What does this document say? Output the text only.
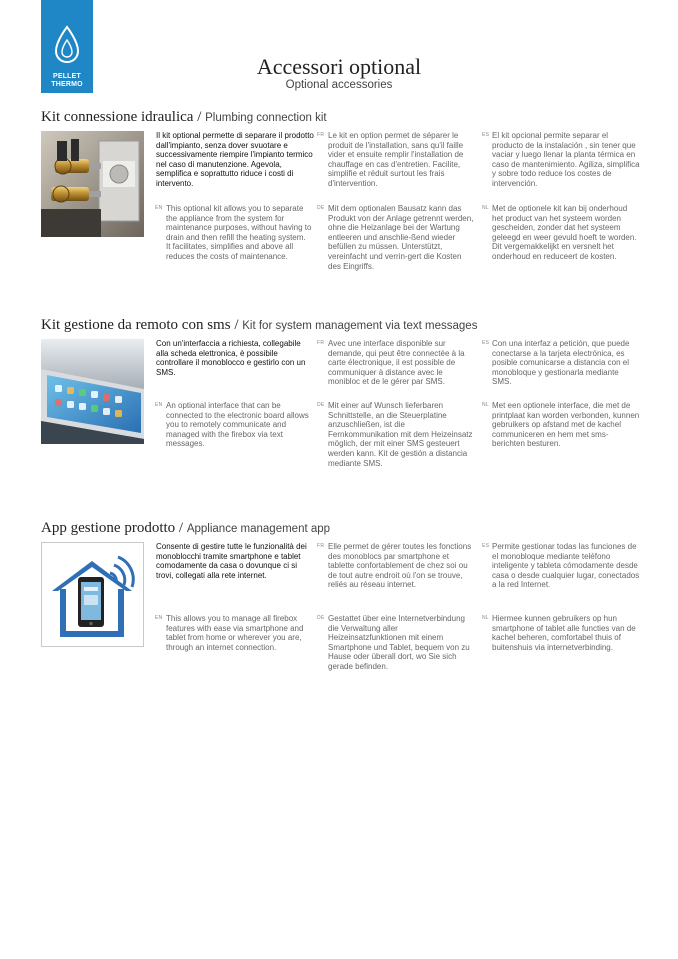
PELLET
THERMO
Accessori optional
Optional accessories
Kit connessione idraulica / Plumbing connection kit
Il kit optional permette di separare il prodotto dall'impianto, senza dover svuotare e successivamente riempire l'impianto termico nel caso di manutenzione. Agevola, semplifica e soprattutto riduce i costi di intervento.
FR Le kit en option permet de séparer le produit de l'installation, sans qu'il faille vider et ensuite remplir l'installation de chauffage en cas d'entretien. Facilite, simplifie et réduit surtout les frais d'intervention.
ES El kit opcional permite separar el producto de la instalación , sin tener que vaciar y luego llenar la planta térmica en caso de mantenimiento. Agiliza, simplifica y sobre todo reduce los costes de intervención.
EN This optional kit allows you to separate the appliance from the system for maintenance purposes, without having to drain and then refill the heating system. It facilitates, simplifies and above all reduces the costs of maintenance.
DE Mit dem optionalen Bausatz kann das Produkt von der Anlage getrennt werden, ohne die Heizanlage bei der Wartung entleeren und anschlie-ßend wieder befüllen zu müssen. Unterstützt, vereinfacht und verrin-gert die Kosten des Eingriffs.
NL Met de optionele kit kan bij onderhoud het product van het systeem worden gescheiden, zonder dat het systeem geleegd en weer gevuld hoeft te worden. Dit vergemakkelijkt en versnelt het onderhoud en reduceert de kosten.
Kit gestione da remoto con sms / Kit for system management via text messages
Con un'interfaccia a richiesta, collegabile alla scheda elettronica, è possibile controllare il monoblocco e gestirlo con un SMS.
FR Avec une interface disponible sur demande, qui peut être connectée à la carte électronique, il est possible de communiquer à distance avec le monibloc et de le gérer par SMS.
ES Con una interfaz a petición, que puede conectarse a la tarjeta electrónica, es posible comunicarse a distancia con el monobloque y gestionarla mediante SMS.
EN An optional interface that can be connected to the electronic board allows you to remotely communicate and managed with the firebox via text messages.
DE Mit einer auf Wunsch lieferbaren Schnittstelle, an die Steuerplatine anzuschließen, ist die Fernkommunikation mit dem Heizeinsatz möglich, der mit einer SMS gesteuert werden kann. Kit de gestión a distancia mediante SMS.
NL Met een optionele interface, die met de printplaat kan worden verbonden, kunnen gebruikers op afstand met de kachel communiceren en hem met sms-berichten besturen.
App gestione prodotto / Appliance management app
Consente di gestire tutte le funzionalità dei monoblocchi tramite smartphone e tablet comodamente da casa o dovunque ci si trovi, collegati alla rete internet.
FR Elle permet de gérer toutes les fonctions des monoblocs par smartphone et tablette confortablement de chez soi ou de tout autre endroit où l'on se trouve, reliés au réseau internet.
ES Permite gestionar todas las funciones de el monobloque mediante teléfono inteligente y tableta cómodamente desde casa o desde cualquier lugar, conectados a la red Internet.
EN This allows you to manage all firebox features with ease via smartphone and tablet from home or wherever you are, through an internet connection.
DE Gestattet über eine Internetverbindung die Verwaltung aller Heizeinsatzfunktionen mit einem Smartphone und Tablet, bequem von zu Hause oder überall dort, wo Sie sich gerade befinden.
NL Hiermee kunnen gebruikers op hun smartphone of tablet alle functies van de kachel beheren, comfortabel thuis of buitenshuis via internetverbinding.
